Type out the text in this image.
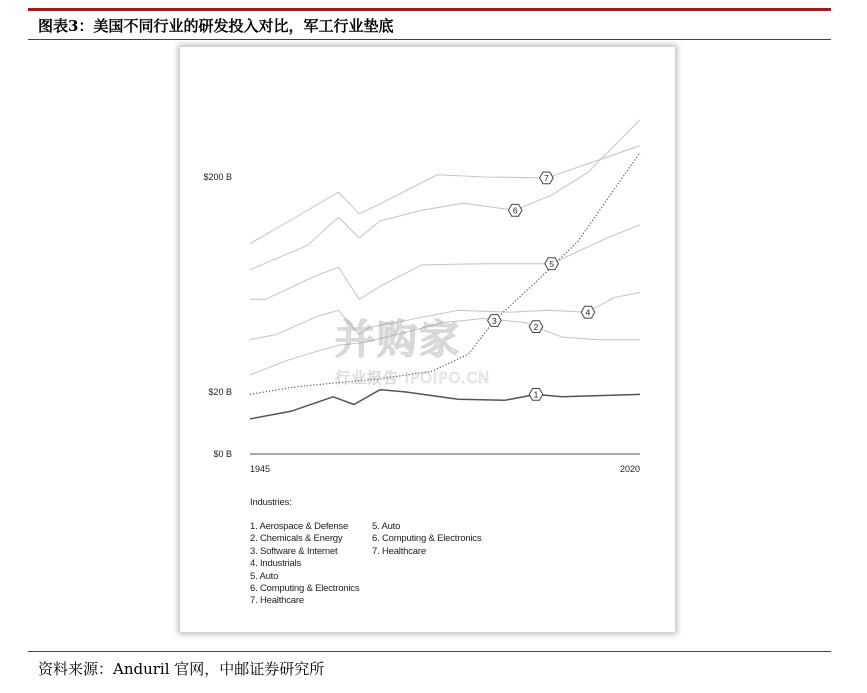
图表3：美国不同行业的研发投入对比，军工行业垫底
$200 B
$20 B
$0 B
1945	2020
1
2
3
4
5
6
7
Industries:
1. Aerospace & Defense
2. Chemicals & Energy
3. Software & Internet
4. Industrials
5. Auto
6. Computing & Electronics
7. Healthcare
5. Auto
6. Computing & Electronics
7. Healthcare
并购家
行业报告 IPOIPO.CN
资料来源：Anduril 官网，中邮证券研究所
